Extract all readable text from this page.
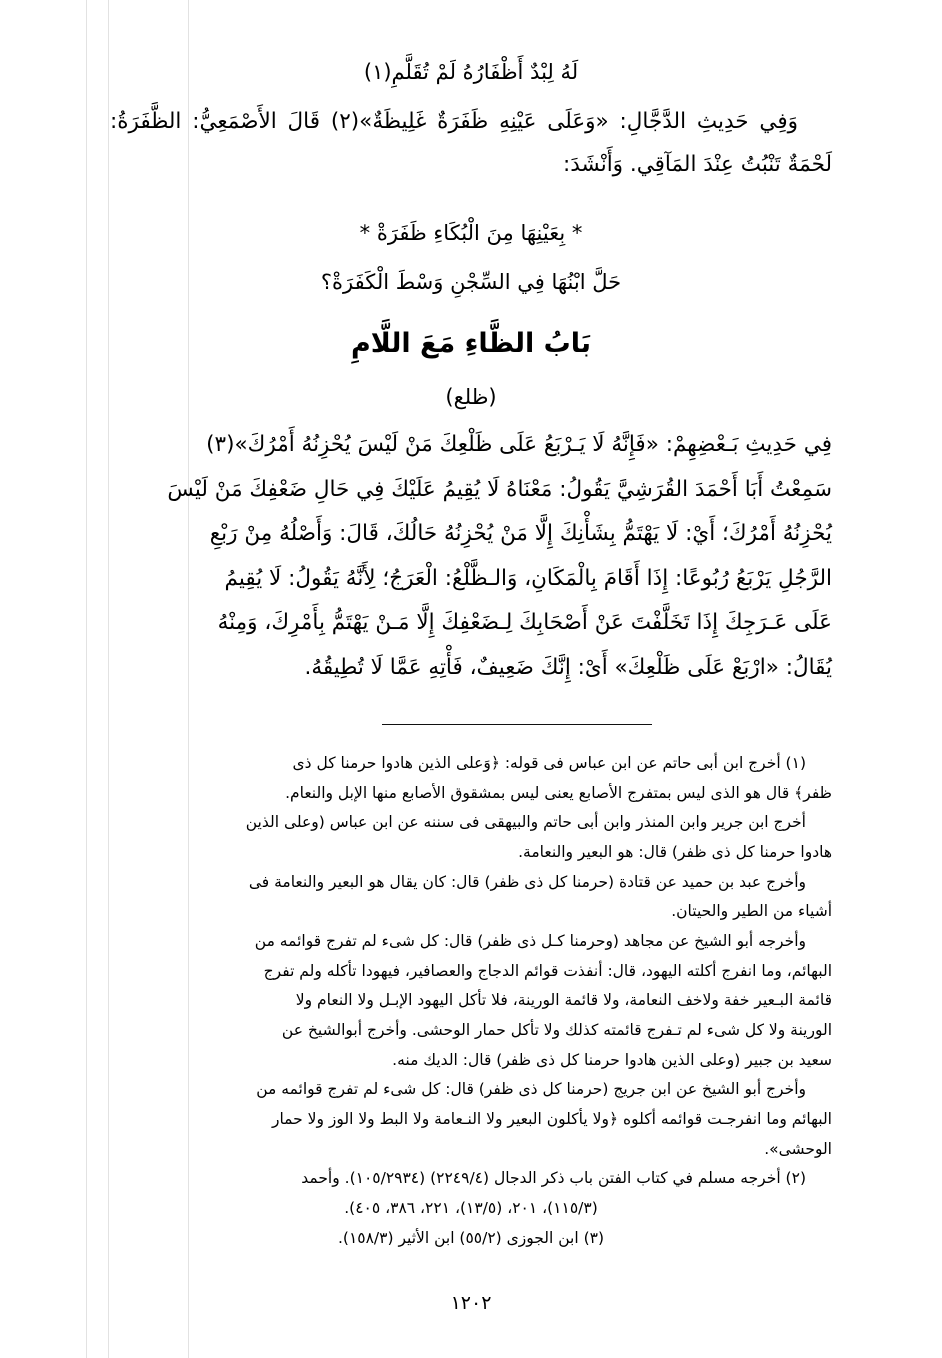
لَهُ لِبْدٌ أَظْفَارُهُ لَمْ تُقَلَّمِ(١)

وَفِي حَدِيثِ الدَّجَّالِ: «وَعَلَى عَيْنِهِ ظَفَرَةٌ غَلِيظَةٌ»(٢) قَالَ الأَصْمَعِيُّ: الظَّفَرَةُ: لَحْمَةٌ تَنْبُتُ عِنْدَ المَآقِي. وَأَنْشَدَ:

* بِعَيْنِهَا مِنَ الْبُكَاءِ ظَفَرَةْ *
حَلَّ ابْنُهَا فِي السِّجْنِ وَسْطَ الْكَفَرَةْ؟
بَابُ الظَّاءِ مَعَ اللَّامِ
(ظلع)

فِي حَدِيثِ بَـعْضِهِمْ: «فَإِنَّهُ لَا يَـرْبَعُ عَلَى ظَلْعِكَ مَنْ لَيْسَ يُحْزِنُهُ أَمْرُكَ»(٣)

سَمِعْتُ أَبَا أَحْمَدَ القُرَشِيَّ يَقُولُ: مَعْنَاهُ لَا يُقِيمُ عَلَيْكَ فِي حَالِ ضَعْفِكَ مَنْ لَيْسَ

يُحْزِنُهُ أَمْرُكَ؛ أَيْ: لَا يَهْتَمُّ بِشَأْنِكَ إِلَّا مَنْ يُحْزِنُهُ حَالُكَ، قَالَ: وَأَصْلُهُ مِنْ رَبْعِ

الرَّجُلِ يَرْبَعُ رُبُوعًا: إِذَا أَقَامَ بِالْمَكَانِ، وَالـظَّلْعُ: الْعَرَجُ؛ لِأَنَّهُ يَقُولُ: لَا يُقِيمُ

عَلَى عَـرَجِكَ إِذَا تَخَلَّفْتَ عَنْ أَصْحَابِكَ لِـضَعْفِكَ إِلَّا مَـنْ يَهْتَمُّ بِأَمْرِكَ، وَمِنْهُ

يُقَالُ: «ارْبَعْ عَلَى ظَلْعِكَ» أَىْ: إِنَّكَ ضَعِيفٌ، فَأْتِهِ عَمَّا لَا تُطِيقُهُ.

(١) أخرج ابن أبى حاتم عن ابن عباس فى قوله: ﴿وَعلى الذين هادوا حرمنا كل ذى

ظفر﴾ قال هو الذى ليس بمتفرج الأصابع يعنى ليس بمشقوق الأصابع منها الإبل والنعام.

أخرج ابن جرير وابن المنذر وابن أبى حاتم والبيهقى فى سننه عن ابن عباس (وعلى الذين

هادوا حرمنا كل ذى ظفر) قال: هو البعير والنعامة.

وأخرج عبد بن حميد عن قتادة (حرمنا كل ذى ظفر) قال: كان يقال هو البعير والنعامة فى

أشياء من الطير والحيتان.

وأخرجه أبو الشيخ عن مجاهد (وحرمنا كـل ذى ظفر) قال: كل شىء لم تفرج قوائمه من

البهائم، وما انفرج أكلته اليهود، قال: أنفذت قوائم الدجاج والعصافير، فيهودا تأكله ولم تفرج

قائمة البـعير خفة ولاخف النعامة، ولا قائمة الورينة، فلا تأكل اليهود الإبـل ولا النعام ولا

الورينة ولا كل شىء لم تـفرج قائمته كذلك ولا تأكل حمار الوحشى. وأخرج أبوالشيخ عن

سعيد بن جبير (وعلى الذين هادوا حرمنا كل ذى ظفر) قال: الديك منه.

وأخرج أبو الشيخ عن ابن جريج (حرمنا كل ذى ظفر) قال: كل شىء لم تفرج قوائمه من

البهائم وما انفرجـت قوائمه أكلوه ﴿ولا يأكلون البعير ولا النـعامة ولا البط ولا الوز ولا حمار

الوحشى».

(٢) أخرجه مسلم في كتاب الفتن باب ذكر الدجال (٢٢٤٩/٤) (١٠٥/٢٩٣٤). وأحمد

(١١٥/٣)، ٢٠١، (١٣/٥)، ٢٢١، ٣٨٦، ٤٠٥).

(٣) ابن الجوزى (٥٥/٢) ابن الأثير (١٥٨/٣).

١٢٠٢
